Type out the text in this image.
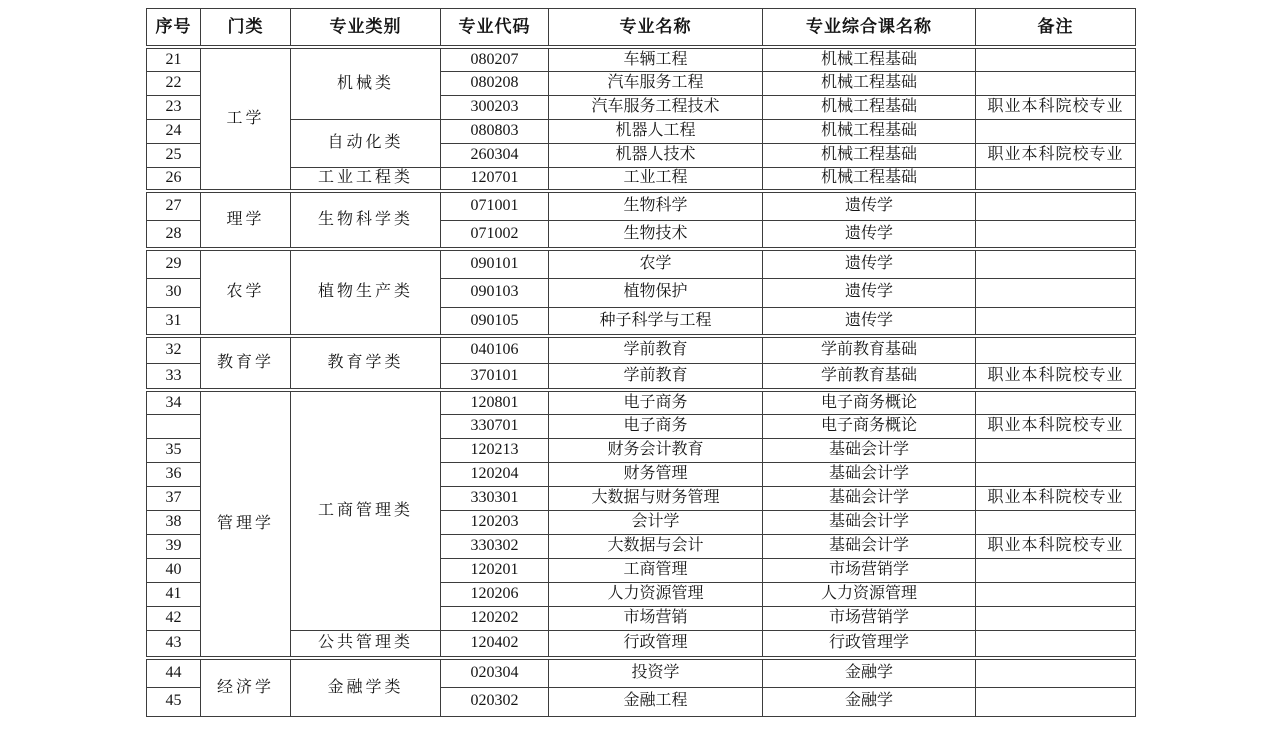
序号	门类	专业类别	专业代码	专业名称	专业综合课名称	备注
21	工学	机械类	080207	车辆工程	机械工程基础	
22			080208	汽车服务工程	机械工程基础	
23			300203	汽车服务工程技术	机械工程基础	职业本科院校专业
24		自动化类	080803	机器人工程	机械工程基础	
25			260304	机器人技术	机械工程基础	职业本科院校专业
26		工业工程类	120701	工业工程	机械工程基础	
27	理学	生物科学类	071001	生物科学	遗传学	
28			071002	生物技术	遗传学	
29	农学	植物生产类	090101	农学	遗传学	
30			090103	植物保护	遗传学	
31			090105	种子科学与工程	遗传学	
32	教育学	教育学类	040106	学前教育	学前教育基础	
33			370101	学前教育	学前教育基础	职业本科院校专业
34	管理学	工商管理类	120801	电子商务	电子商务概论	
			330701	电子商务	电子商务概论	职业本科院校专业
35			120213	财务会计教育	基础会计学	
36			120204	财务管理	基础会计学	
37			330301	大数据与财务管理	基础会计学	职业本科院校专业
38			120203	会计学	基础会计学	
39			330302	大数据与会计	基础会计学	职业本科院校专业
40			120201	工商管理	市场营销学	
41			120206	人力资源管理	人力资源管理	
42			120202	市场营销	市场营销学	
43		公共管理类	120402	行政管理	行政管理学	
44	经济学	金融学类	020304	投资学	金融学	
45			020302	金融工程	金融学	
